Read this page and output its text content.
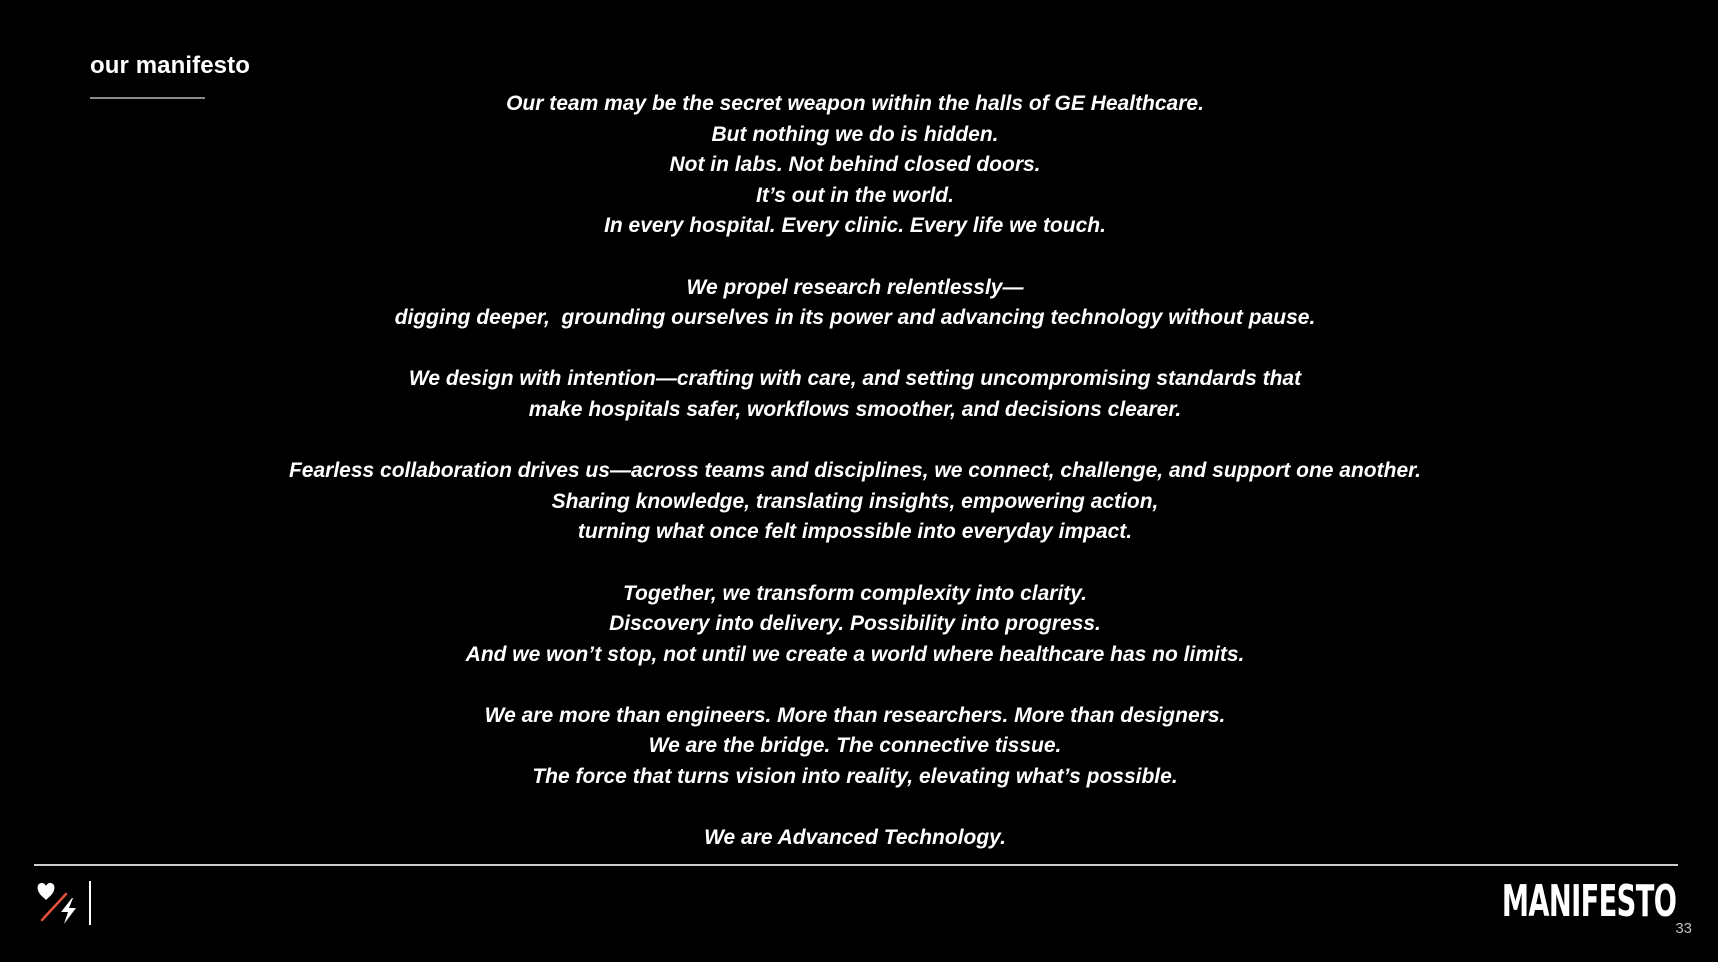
our manifesto
Our team may be the secret weapon within the halls of GE Healthcare.
But nothing we do is hidden.
Not in labs. Not behind closed doors.
It’s out in the world.
In every hospital. Every clinic. Every life we touch.
We propel research relentlessly—
digging deeper,  grounding ourselves in its power and advancing technology without pause.
We design with intention—crafting with care, and setting uncompromising standards that
make hospitals safer, workflows smoother, and decisions clearer.
Fearless collaboration drives us—across teams and disciplines, we connect, challenge, and support one another.
Sharing knowledge, translating insights, empowering action,
turning what once felt impossible into everyday impact.
Together, we transform complexity into clarity.
Discovery into delivery. Possibility into progress.
And we won’t stop, not until we create a world where healthcare has no limits.
We are more than engineers. More than researchers. More than designers.
We are the bridge. The connective tissue.
The force that turns vision into reality, elevating what’s possible.
We are Advanced Technology.
MANIFESTO
33
